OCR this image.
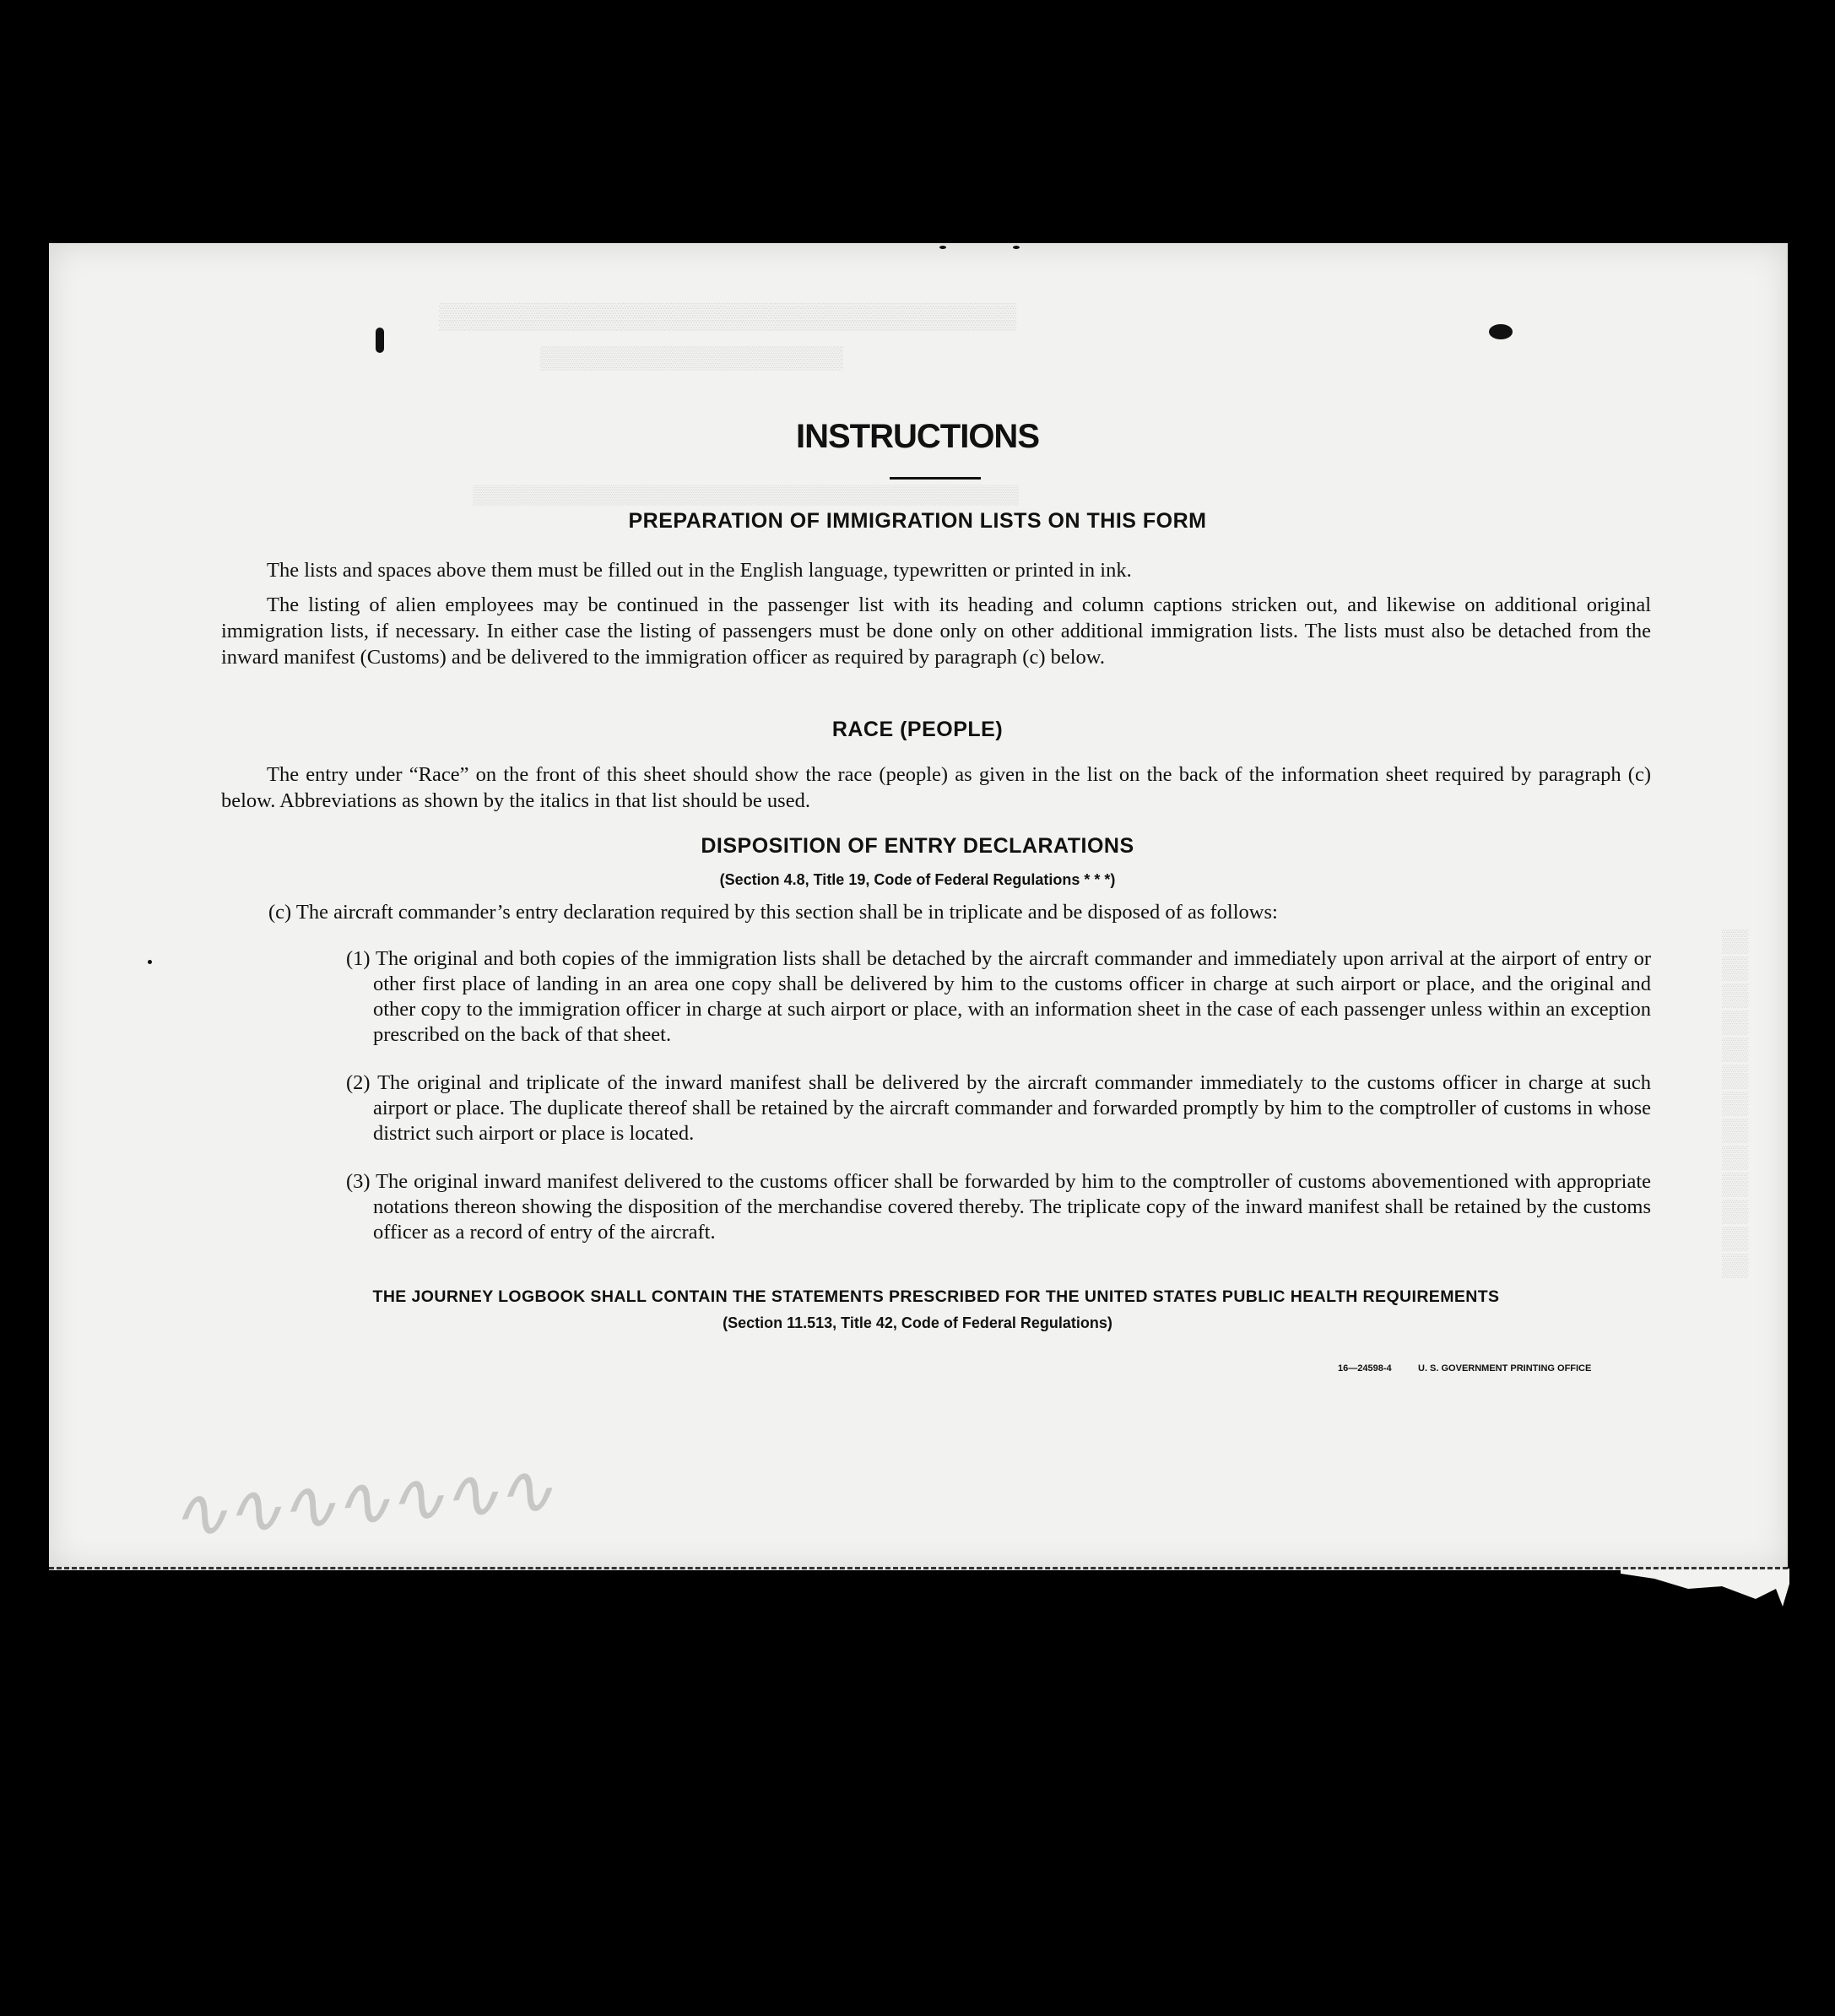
▒▒▒▒▒▒▒▒▒▒▒▒▒▒▒▒▒▒▒▒▒▒▒▒▒▒▒▒▒▒▒▒▒▒▒▒▒▒
▒▒▒▒▒▒▒▒▒▒▒▒▒▒▒▒▒▒▒▒▒▒▒
▒▒▒▒▒▒▒▒▒▒▒▒▒▒▒▒▒▒▒▒▒▒▒▒▒▒▒▒▒▒▒▒▒▒▒▒▒▒▒▒▒▒▒▒▒▒▒▒▒
▒▒
▒▒
▒▒
▒▒
▒▒
▒▒
▒▒
▒▒
▒▒
▒▒
▒▒
▒▒
▒▒
INSTRUCTIONS
PREPARATION OF IMMIGRATION LISTS ON THIS FORM
The lists and spaces above them must be filled out in the English language, typewritten or printed in ink.
The listing of alien employees may be continued in the passenger list with its heading and column captions stricken out, and likewise on additional original immigration lists, if necessary. In either case the listing of passengers must be done only on other additional immigration lists. The lists must also be detached from the inward manifest (Customs) and be delivered to the immigration officer as required by paragraph (c) below.
RACE (PEOPLE)
The entry under “Race” on the front of this sheet should show the race (people) as given in the list on the back of the information sheet required by paragraph (c) below. Abbreviations as shown by the italics in that list should be used.
DISPOSITION OF ENTRY DECLARATIONS
(Section 4.8, Title 19, Code of Federal Regulations * * *)
(c) The aircraft commander’s entry declaration required by this section shall be in triplicate and be disposed of as follows:
(1) The original and both copies of the immigration lists shall be detached by the aircraft commander and immediately upon arrival at the airport of entry or other first place of landing in an area one copy shall be delivered by him to the customs officer in charge at such airport or place, and the original and other copy to the immigration officer in charge at such airport or place, with an information sheet in the case of each passenger unless within an exception prescribed on the back of that sheet.
(2) The original and triplicate of the inward manifest shall be delivered by the aircraft commander immediately to the customs officer in charge at such airport or place. The duplicate thereof shall be retained by the aircraft commander and forwarded promptly by him to the comptroller of customs in whose district such airport or place is located.
(3) The original inward manifest delivered to the customs officer shall be forwarded by him to the comptroller of customs abovementioned with appropriate notations thereon showing the disposition of the merchandise covered thereby. The triplicate copy of the inward manifest shall be retained by the customs officer as a record of entry of the aircraft.
THE JOURNEY LOGBOOK SHALL CONTAIN THE STATEMENTS PRESCRIBED FOR THE UNITED STATES PUBLIC HEALTH REQUIREMENTS
(Section 11.513, Title 42, Code of Federal Regulations)
16—24598-4	U. S. GOVERNMENT PRINTING OFFICE
∿∿∿∿∿∿∿
